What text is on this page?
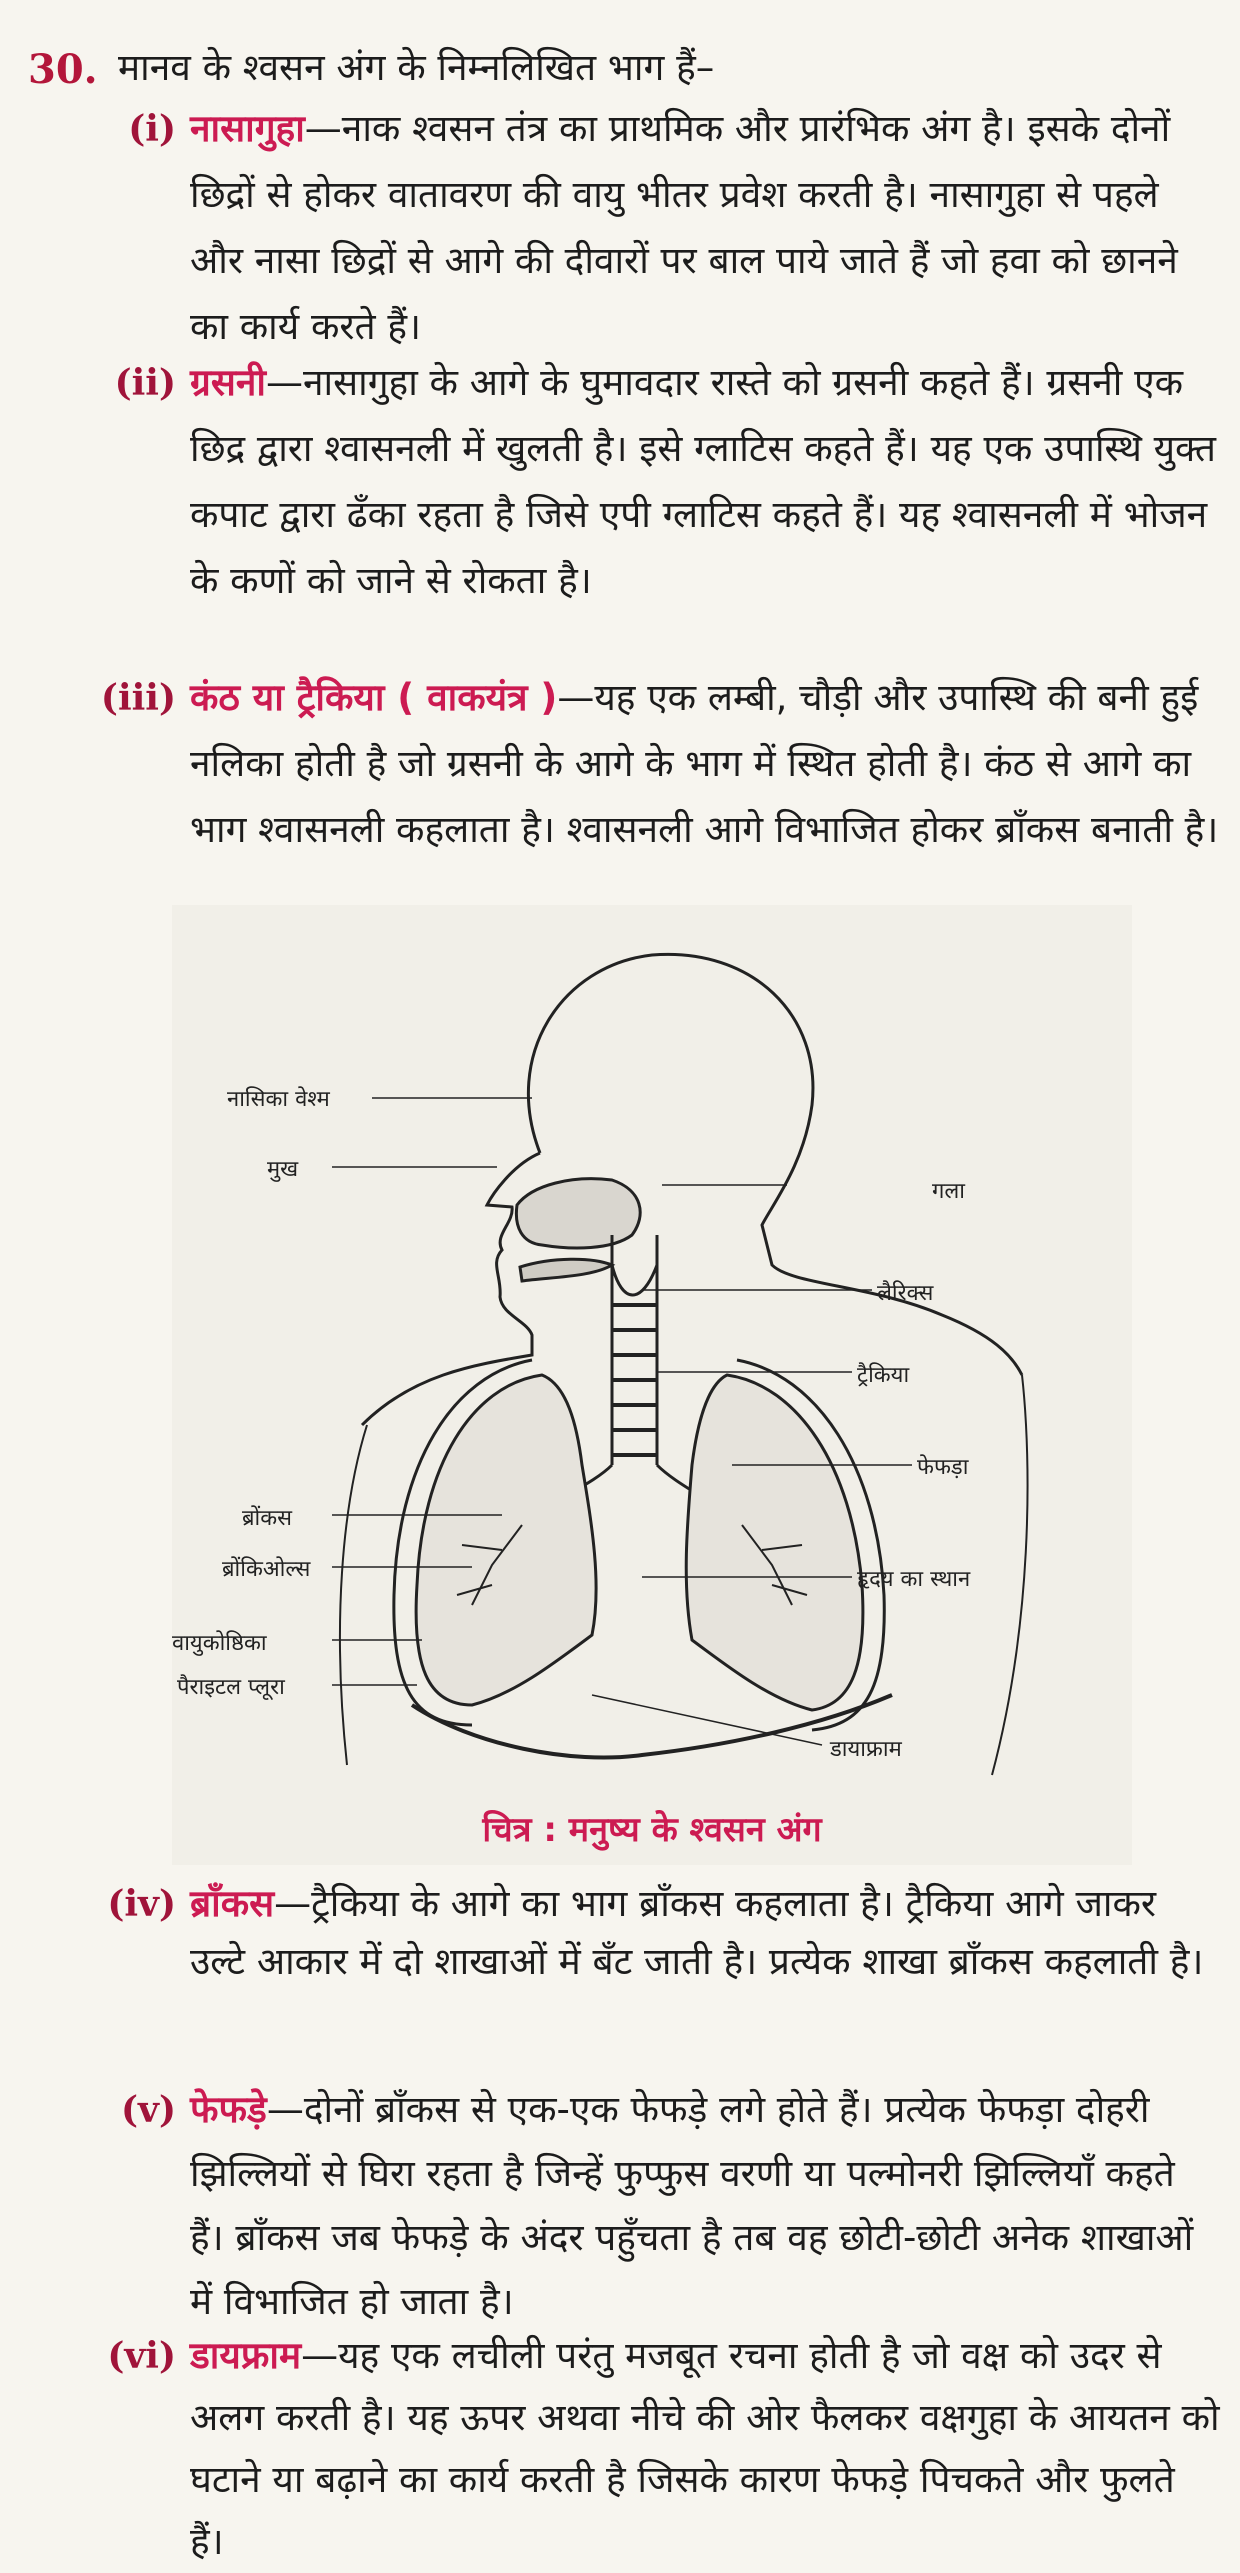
30. मानव के श्वसन अंग के निम्नलिखित भाग हैं–
(i) नासागुहा—नाक श्वसन तंत्र का प्राथमिक और प्रारंभिक अंग है। इसके दोनों छिद्रों से होकर वातावरण की वायु भीतर प्रवेश करती है। नासागुहा से पहले और नासा छिद्रों से आगे की दीवारों पर बाल पाये जाते हैं जो हवा को छानने का कार्य करते हैं।
(ii) ग्रसनी—नासागुहा के आगे के घुमावदार रास्ते को ग्रसनी कहते हैं। ग्रसनी एक छिद्र द्वारा श्वासनली में खुलती है। इसे ग्लाटिस कहते हैं। यह एक उपास्थि युक्त कपाट द्वारा ढँका रहता है जिसे एपी ग्लाटिस कहते हैं। यह श्वासनली में भोजन के कणों को जाने से रोकता है।
(iii) कंठ या ट्रैकिया ( वाकयंत्र )—यह एक लम्बी, चौड़ी और उपास्थि की बनी हुई नलिका होती है जो ग्रसनी के आगे के भाग में स्थित होती है। कंठ से आगे का भाग श्वासनली कहलाता है। श्वासनली आगे विभाजित होकर ब्राँकस बनाती है।
नासिका वेश्म
मुख
गला
लैरिक्स
ट्रैकिया
फेफड़ा
ब्रोंकस
ब्रोंकिओल्स	हृदय का स्थान
वायुकोष्ठिका
पैराइटल प्लूरा
डायाफ्राम
चित्र : मनुष्य के श्वसन अंग
(iv) ब्राँकस—ट्रैकिया के आगे का भाग ब्राँकस कहलाता है। ट्रैकिया आगे जाकर उल्टे आकार में दो शाखाओं में बँट जाती है। प्रत्येक शाखा ब्राँकस कहलाती है।
(v) फेफड़े—दोनों ब्राँकस से एक-एक फेफड़े लगे होते हैं। प्रत्येक फेफड़ा दोहरी झिल्लियों से घिरा रहता है जिन्हें फुप्फुस वरणी या पल्मोनरी झिल्लियाँ कहते हैं। ब्राँकस जब फेफड़े के अंदर पहुँचता है तब वह छोटी-छोटी अनेक शाखाओं में विभाजित हो जाता है।
(vi) डायफ्राम—यह एक लचीली परंतु मजबूत रचना होती है जो वक्ष को उदर से अलग करती है। यह ऊपर अथवा नीचे की ओर फैलकर वक्षगुहा के आयतन को घटाने या बढ़ाने का कार्य करती है जिसके कारण फेफड़े पिचकते और फुलते हैं।
